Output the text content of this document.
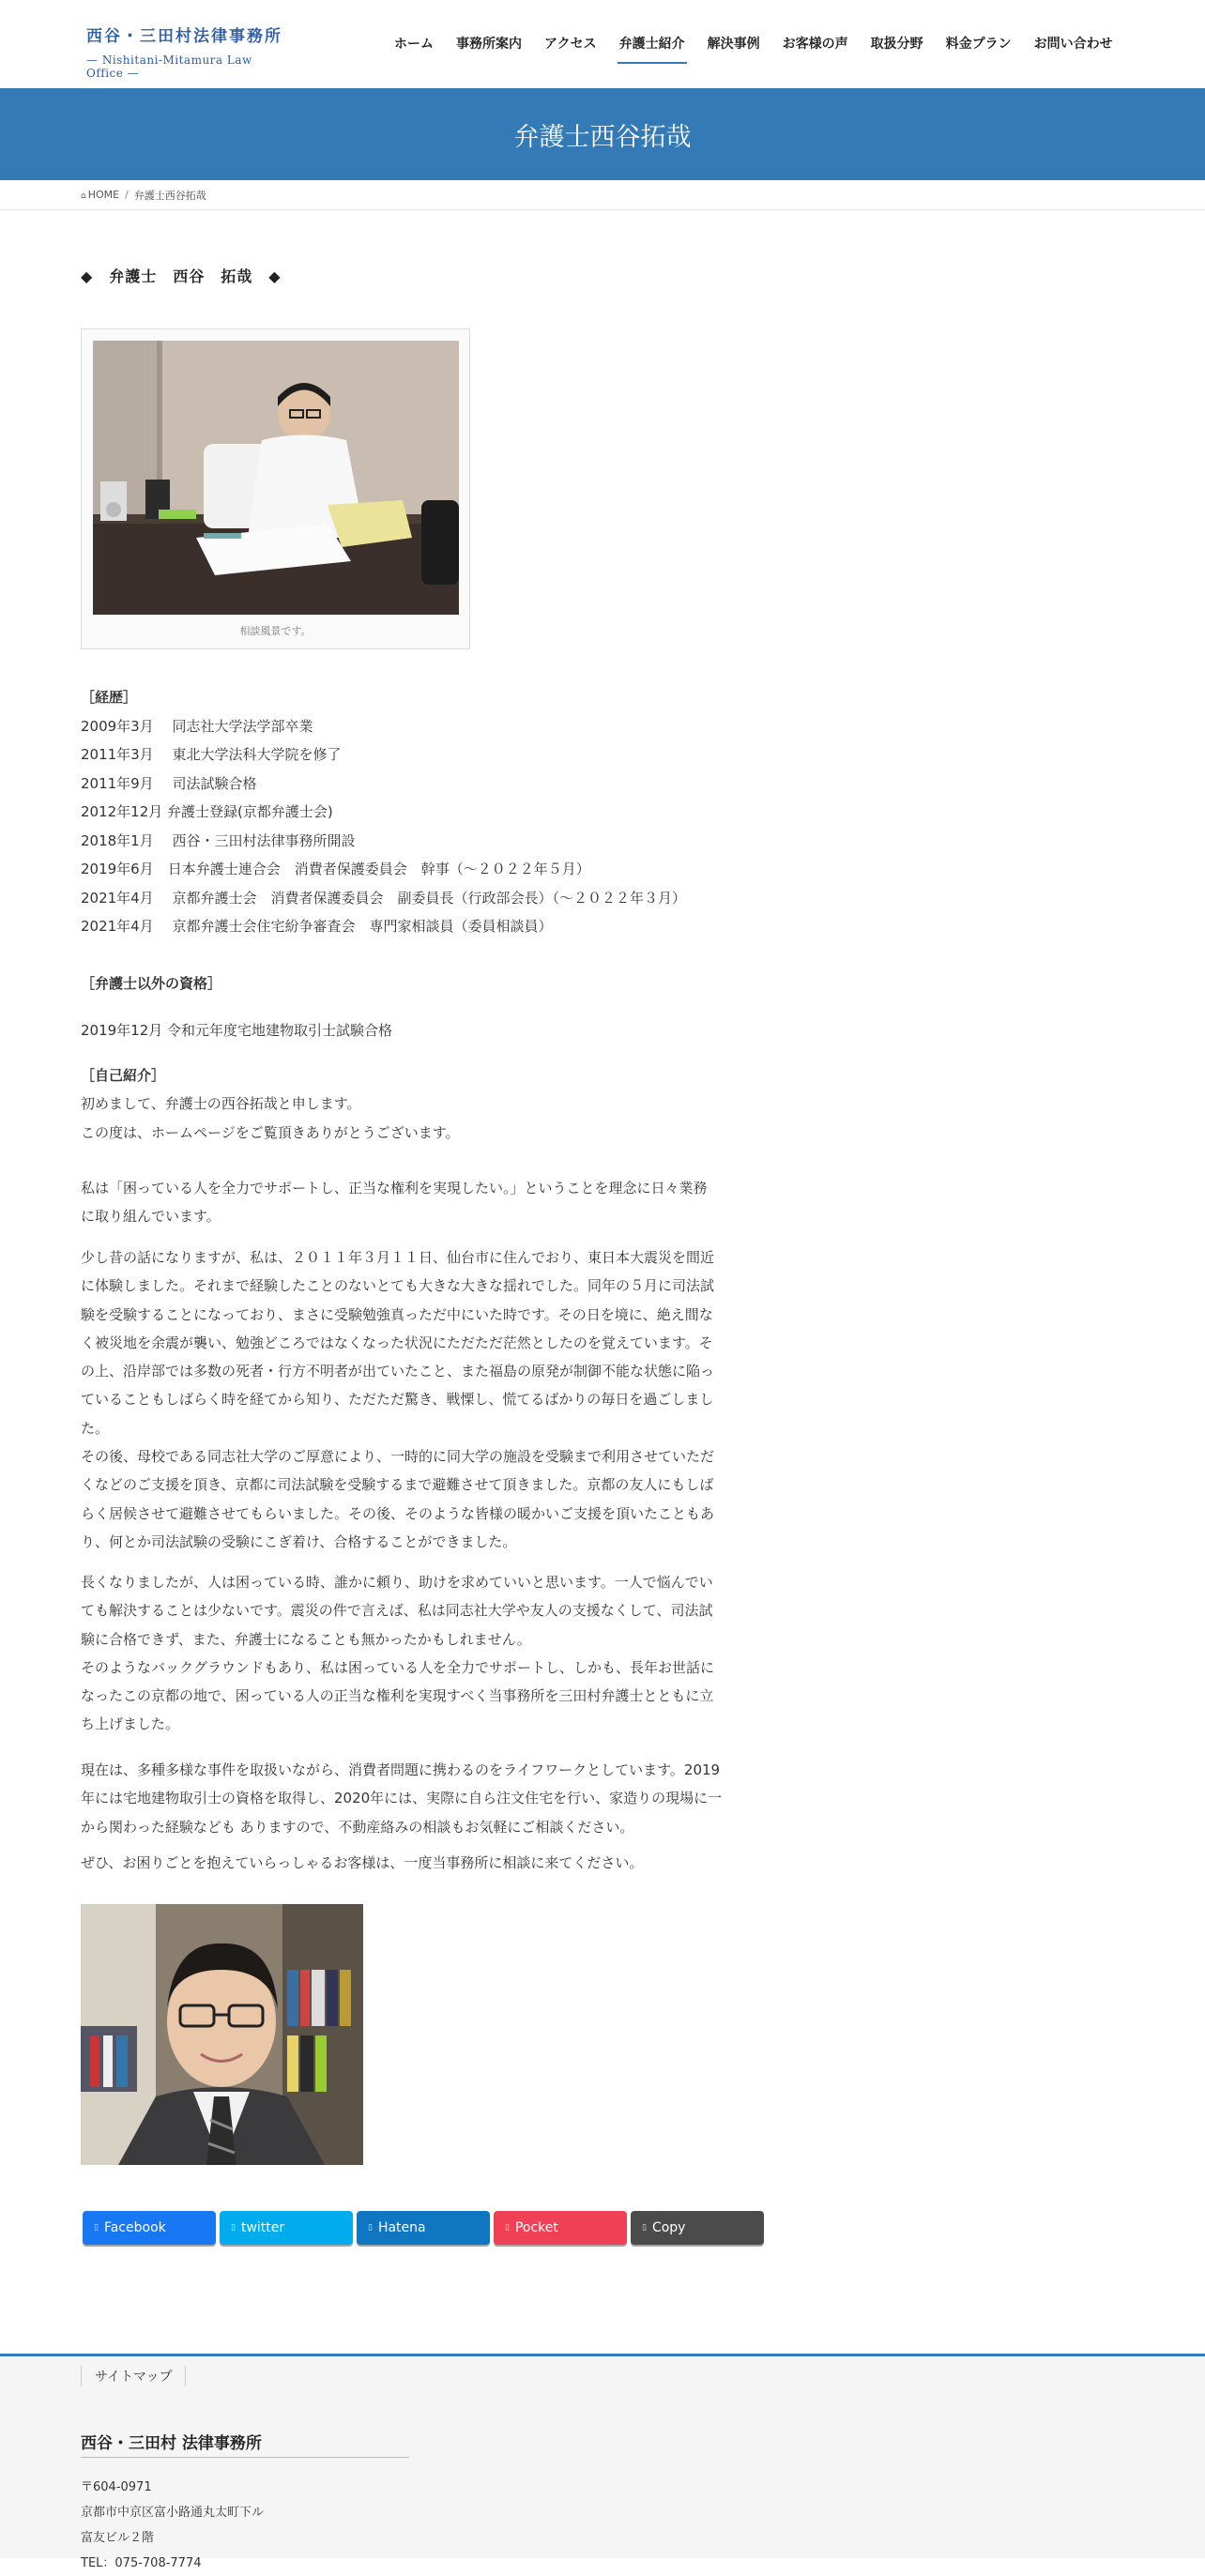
西谷・三田村法律事務所
— Nishitani-Mitamura Law Office —
ホーム	事務所案内	アクセス	弁護士紹介	解決事例	お客様の声	取扱分野	料金プラン	お問い合わせ
弁護士西谷拓哉
⌂ HOME / 弁護士西谷拓哉
◆　弁護士　西谷　拓哉　◆
相談風景です。
［経歴］
2009年3月　 同志社大学法学部卒業
2011年3月　 東北大学法科大学院を修了
2011年9月　 司法試験合格
2012年12月 弁護士登録(京都弁護士会)
2018年1月　 西谷・三田村法律事務所開設
2019年6月　日本弁護士連合会　消費者保護委員会　幹事（～２０２２年５月）
2021年4月　 京都弁護士会　消費者保護委員会　副委員長（行政部会長）（～２０２２年３月）
2021年4月　 京都弁護士会住宅紛争審査会　専門家相談員（委員相談員）
［弁護士以外の資格］
2019年12月 令和元年度宅地建物取引士試験合格
［自己紹介］
初めまして、弁護士の西谷拓哉と申します。
この度は、ホームページをご覧頂きありがとうございます。
私は「困っている人を全力でサポートし、正当な権利を実現したい。」ということを理念に日々業務
に取り組んでいます。
少し昔の話になりますが、私は、２０１１年３月１１日、仙台市に住んでおり、東日本大震災を間近
に体験しました。それまで経験したことのないとても大きな大きな揺れでした。同年の５月に司法試
験を受験することになっており、まさに受験勉強真っただ中にいた時です。その日を境に、絶え間な
く被災地を余震が襲い、勉強どころではなくなった状況にただただ茫然としたのを覚えています。そ
の上、沿岸部では多数の死者・行方不明者が出ていたこと、また福島の原発が制御不能な状態に陥っ
ていることもしばらく時を経てから知り、ただただ驚き、戦慄し、慌てるばかりの毎日を過ごしまし
た。
その後、母校である同志社大学のご厚意により、一時的に同大学の施設を受験まで利用させていただ
くなどのご支援を頂き、京都に司法試験を受験するまで避難させて頂きました。京都の友人にもしば
らく居候させて避難させてもらいました。その後、そのような皆様の暖かいご支援を頂いたこともあ
り、何とか司法試験の受験にこぎ着け、合格することができました。
長くなりましたが、人は困っている時、誰かに頼り、助けを求めていいと思います。一人で悩んでい
ても解決することは少ないです。震災の件で言えば、私は同志社大学や友人の支援なくして、司法試
験に合格できず、また、弁護士になることも無かったかもしれません。
そのようなバックグラウンドもあり、私は困っている人を全力でサポートし、しかも、長年お世話に
なったこの京都の地で、困っている人の正当な権利を実現すべく当事務所を三田村弁護士とともに立
ち上げました。
現在は、多種多様な事件を取扱いながら、消費者問題に携わるのをライフワークとしています。2019
年には宅地建物取引士の資格を取得し、2020年には、実際に自ら注文住宅を行い、家造りの現場に一
から関わった経験なども ありますので、不動産絡みの相談もお気軽にご相談ください。
ぜひ、お困りごとを抱えていらっしゃるお客様は、一度当事務所に相談に来てください。
▯ Facebook	▯ twitter	▯ Hatena	▯ Pocket	▯ Copy
サイトマップ
西谷・三田村 法律事務所
〒604-0971
京都市中京区富小路通丸太町下ル
富友ビル２階
TEL：075-708-7774
